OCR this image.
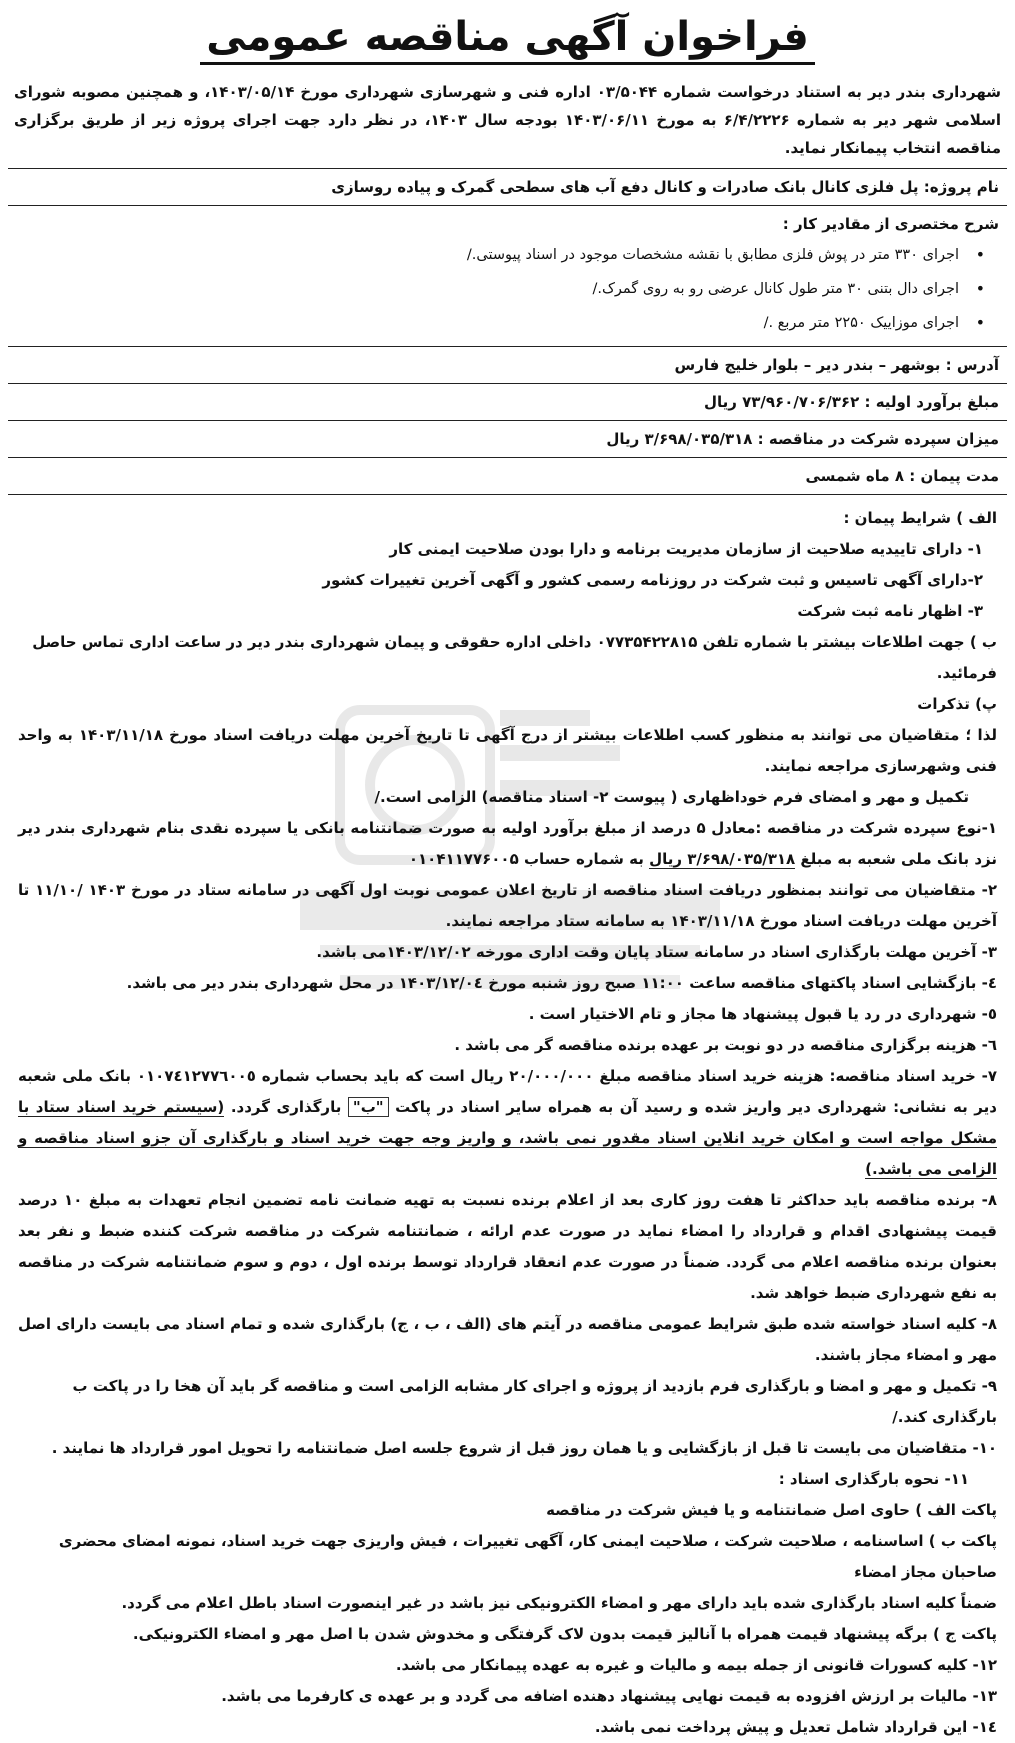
فراخوان آگهی مناقصه عمومی
شهرداری بندر دیر به استناد درخواست شماره ۰۳/۵۰۴۴ اداره فنی و شهرسازی شهرداری مورخ ۱۴۰۳/۰۵/۱۴، و همچنین مصوبه شورای اسلامی شهر دیر به شماره ۶/۴/۲۲۲۶ به مورخ ۱۴۰۳/۰۶/۱۱ بودجه سال ۱۴۰۳، در نظر دارد جهت اجرای پروژه زیر از طریق برگزاری مناقصه انتخاب پیمانکار نماید.
نام پروژه: پل فلزی کانال بانک صادرات و کانال دفع آب های سطحی گمرک و پیاده روسازی
شرح مختصری از مقادیر کار :
• اجرای ۳۳۰ متر در پوش فلزی مطابق با نقشه مشخصات موجود در اسناد پیوستی./
• اجرای دال بتنی ۳۰ متر طول کانال عرضی رو به روی گمرک./
• اجرای موزاییک ۲۲۵۰ متر مربع ./
آدرس : بوشهر – بندر دیر – بلوار خلیج فارس
مبلغ برآورد اولیه : ۷۳/۹۶۰/۷۰۶/۳۶۲ ریال
میزان سپرده شرکت در مناقصه : ۳/۶۹۸/۰۳۵/۳۱۸ ریال
مدت پیمان : ۸ ماه شمسی

الف ) شرایط پیمان :

۱- دارای تاییدیه صلاحیت از سازمان مدیریت برنامه و دارا بودن صلاحیت ایمنی کار

۲-دارای آگهی تاسیس و ثبت شرکت در روزنامه رسمی کشور و آگهی آخرین تغییرات کشور

۳- اظهار نامه ثبت شرکت

ب ) جهت اطلاعات بیشتر با شماره تلفن ۰۷۷۳۵۴۲۲۸۱۵ داخلی اداره حقوقی و پیمان شهرداری بندر دیر در ساعت اداری تماس حاصل فرمائید.

پ) تذکرات

لذا ؛ متقاضیان می توانند به منظور کسب اطلاعات بیشتر از درج آگهی تا تاریخ آخرین مهلت دریافت اسناد مورخ ۱۴۰۳/۱۱/۱۸ به واحد فنی وشهرسازی مراجعه نمایند.

تکمیل و مهر و امضای فرم خوداظهاری ( پیوست ۲- اسناد مناقصه) الزامی است./

۱-نوع سپرده شرکت در مناقصه :معادل ۵ درصد از مبلغ برآورد اولیه به صورت ضمانتنامه بانکی یا سپرده نقدی بنام شهرداری بندر دیر نزد بانک ملی شعبه به مبلغ ۳/۶۹۸/۰۳۵/۳۱۸ ریال به شماره حساب ۰۱۰۴۱۱۷۷۶۰۰۵

۲- متقاضیان می توانند بمنظور دریافت اسناد مناقصه از تاریخ اعلان عمومی نوبت اول آگهی در سامانه ستاد در مورخ ۱۴۰۳ /۱۱/۱۰ تا آخرین مهلت دریافت اسناد مورخ ۱۴۰۳/۱۱/۱۸ به سامانه ستاد مراجعه نمایند.

۳- آخرین مهلت بارگذاری اسناد در سامانه ستاد پایان وقت اداری مورخه ۱۴۰۳/۱۲/۰۲می باشد.

٤- بازگشایی اسناد پاکتهای مناقصه ساعت ۱۱:۰۰ صبح روز شنبه مورخ ۱۴۰۳/۱۲/۰٤ در محل شهرداری بندر دیر می باشد.

٥- شهرداری در رد یا قبول پیشنهاد ها مجاز و تام الاختیار است .

٦- هزینه برگزاری مناقصه در دو نوبت بر عهده برنده مناقصه گر می باشد .

۷- خرید اسناد مناقصه: هزینه خرید اسناد مناقصه مبلغ ۲۰/۰۰۰/۰۰۰ ریال است که باید بحساب شماره ۰۱۰۷٤۱۲۷۷٦۰۰٥ بانک ملی شعبه دیر به نشانی: شهرداری دیر واریز شده و رسید آن به همراه سایر اسناد در پاکت "ب" بارگذاری گردد. (سیستم خرید اسناد ستاد با مشکل مواجه است و امکان خرید انلاین اسناد مقدور نمی باشد، و واریز وجه جهت خرید اسناد و بارگذاری آن جزو اسناد مناقصه و الزامی می باشد.)

۸- برنده مناقصه باید حداکثر تا هفت روز کاری بعد از اعلام برنده نسبت به تهیه ضمانت نامه تضمین انجام تعهدات به مبلغ ۱۰ درصد قیمت پیشنهادی اقدام و قرارداد را امضاء نماید در صورت عدم ارائه ، ضمانتنامه شرکت در مناقصه شرکت کننده ضبط و نفر بعد بعنوان برنده مناقصه اعلام می گردد. ضمناً در صورت عدم انعقاد قرارداد توسط برنده اول ، دوم و سوم ضمانتنامه شرکت در مناقصه به نفع شهرداری ضبط خواهد شد.

۸- کلیه اسناد خواسته شده طبق شرایط عمومی مناقصه در آیتم های (الف ، ب ، ج) بارگذاری شده و تمام اسناد می بایست دارای اصل مهر و امضاء مجاز باشند.

۹- تکمیل و مهر و امضا و بارگذاری فرم بازدید از پروژه و اجرای کار مشابه الزامی است و مناقصه گر باید آن هخا را در پاکت ب بارگذاری کند./

۱۰- متقاضیان می بایست تا قبل از بازگشایی و یا همان روز قبل از شروع جلسه اصل ضمانتنامه را تحویل امور قرارداد ها نمایند .

۱۱- نحوه بارگذاری اسناد :

پاکت الف ) حاوی اصل ضمانتنامه و یا فیش شرکت در مناقصه

پاکت ب ) اساسنامه ، صلاحیت شرکت ، صلاحیت ایمنی کار، آگهی تغییرات ، فیش واریزی جهت خرید اسناد، نمونه امضای محضری صاحبان مجاز امضاء

ضمناً کلیه اسناد بارگذاری شده باید دارای مهر و امضاء الکترونیکی نیز باشد در غیر اینصورت اسناد باطل اعلام می گردد.

پاکت ج ) برگه پیشنهاد قیمت همراه با آنالیز قیمت بدون لاک گرفتگی و مخدوش شدن با اصل مهر و امضاء الکترونیکی.

۱۲- کلیه کسورات قانونی از جمله بیمه و مالیات و غیره به عهده پیمانکار می باشد.

۱۳- مالیات بر ارزش افزوده به قیمت نهایی پیشنهاد دهنده اضافه می گردد و بر عهده ی کارفرما می باشد.

۱٤- این قرارداد شامل تعدیل و پیش پرداخت نمی باشد.
